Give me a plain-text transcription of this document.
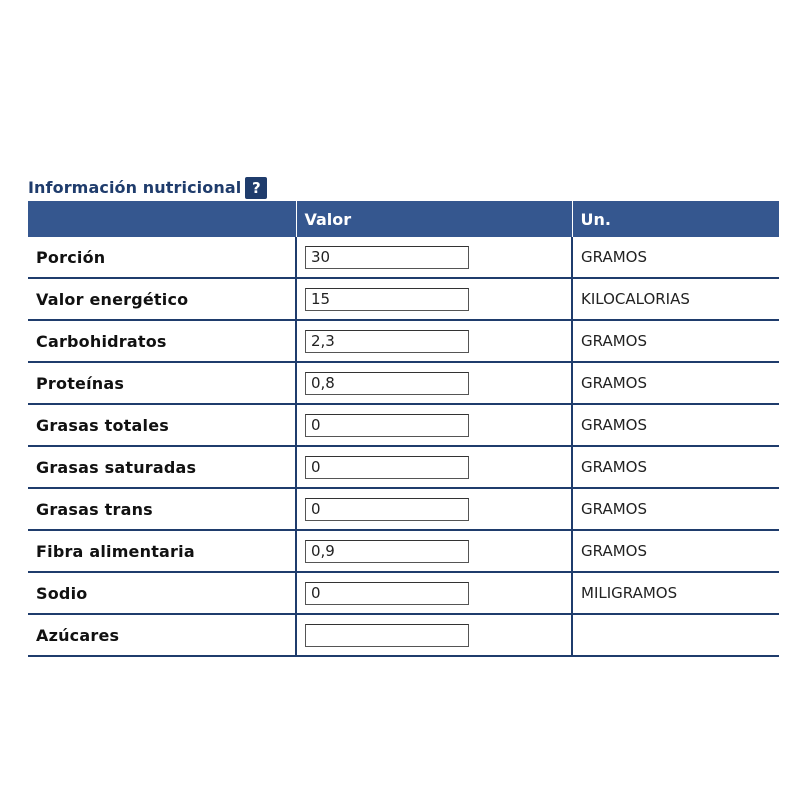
Información nutricional ?
	Valor	Un.
Porción	30	GRAMOS
Valor energético	15	KILOCALORIAS
Carbohidratos	2,3	GRAMOS
Proteínas	0,8	GRAMOS
Grasas totales	0	GRAMOS
Grasas saturadas	0	GRAMOS
Grasas trans	0	GRAMOS
Fibra alimentaria	0,9	GRAMOS
Sodio	0	MILIGRAMOS
Azúcares		
